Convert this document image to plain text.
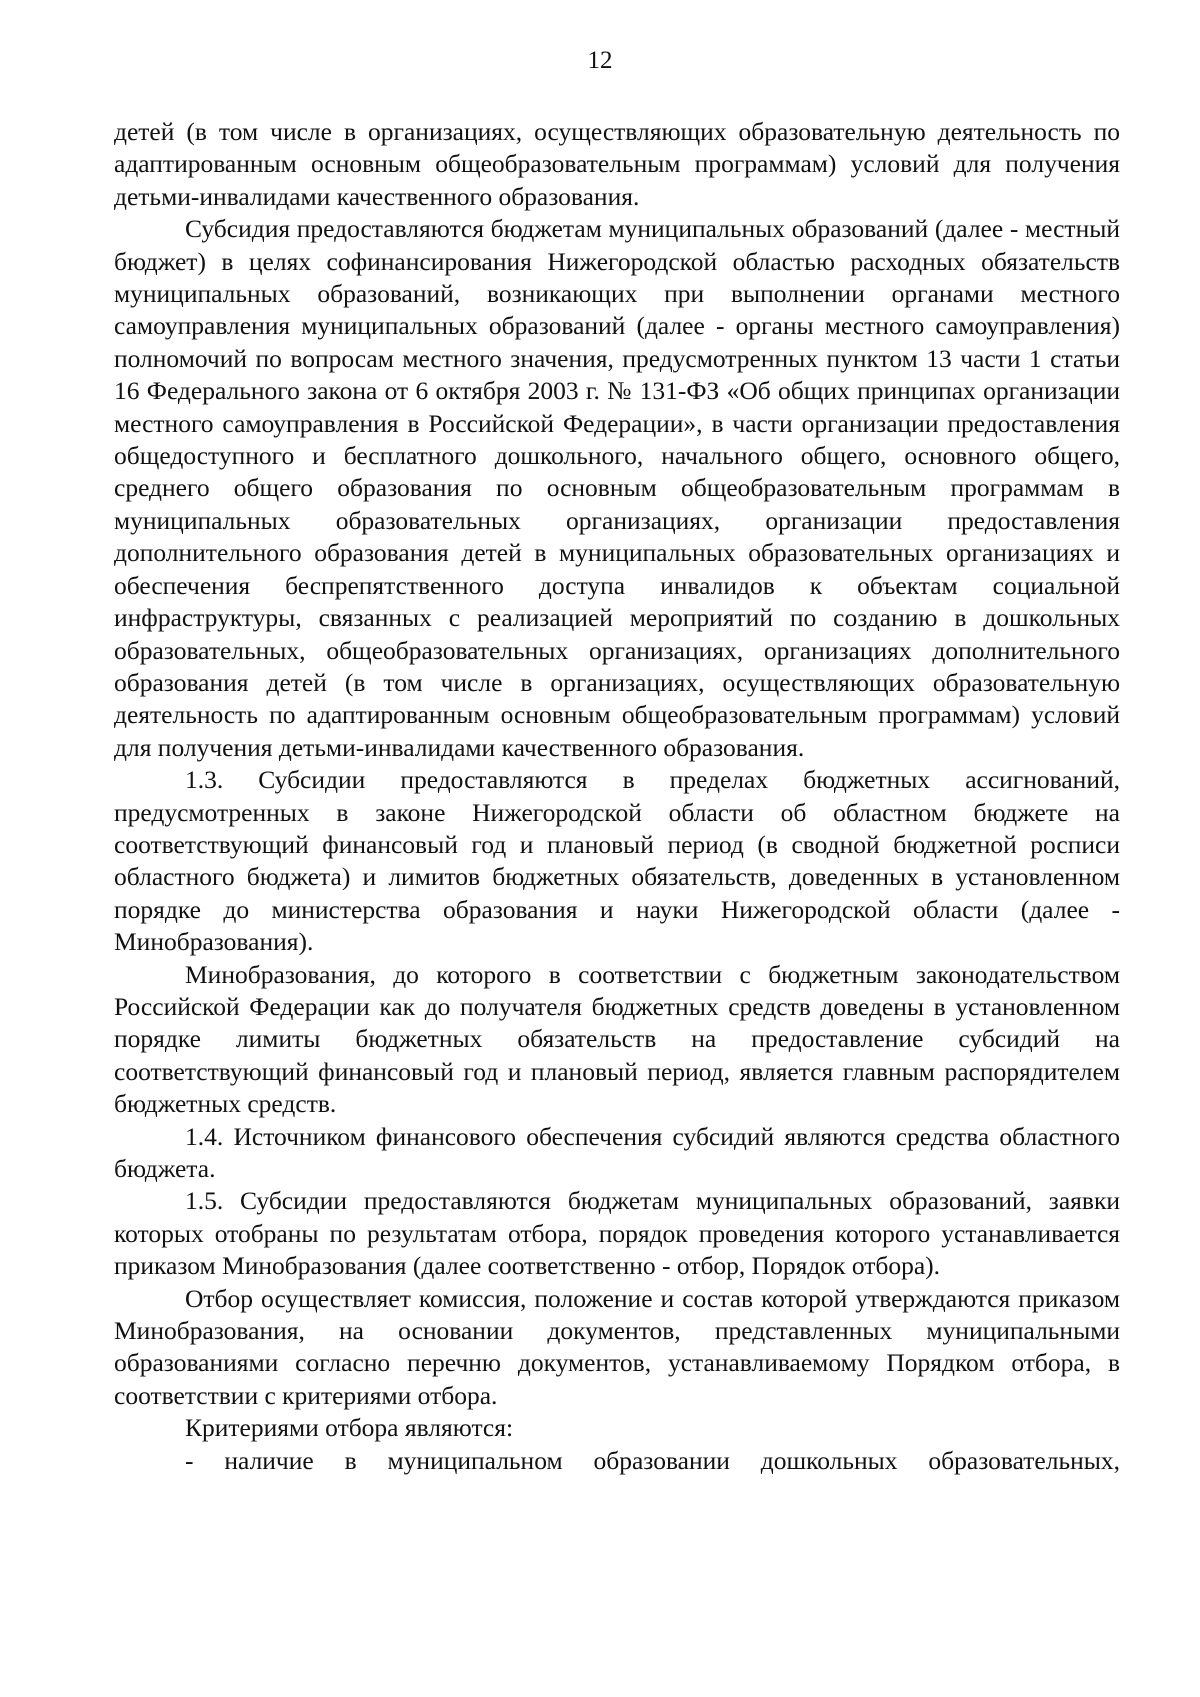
12

детей (в том числе в организациях, осуществляющих образовательную деятельность по адаптированным основным общеобразовательным программам) условий для получения детьми-инвалидами качественного образования.

Субсидия предоставляются бюджетам муниципальных образований (далее - местный бюджет) в целях софинансирования Нижегородской областью расходных обязательств муниципальных образований, возникающих при выполнении органами местного самоуправления муниципальных образований (далее - органы местного самоуправления) полномочий по вопросам местного значения, предусмотренных пунктом 13 части 1 статьи 16 Федерального закона от 6 октября 2003 г. № 131-ФЗ «Об общих принципах организации местного самоуправления в Российской Федерации», в части организации предоставления общедоступного и бесплатного дошкольного, начального общего, основного общего, среднего общего образования по основным общеобразовательным программам в муниципальных образовательных организациях, организации предоставления дополнительного образования детей в муниципальных образовательных организациях и обеспечения беспрепятственного доступа инвалидов к объектам социальной инфраструктуры, связанных с реализацией мероприятий по созданию в дошкольных образовательных, общеобразовательных организациях, организациях дополнительного образования детей (в том числе в организациях, осуществляющих образовательную деятельность по адаптированным основным общеобразовательным программам) условий для получения детьми-инвалидами качественного образования.

1.3. Субсидии предоставляются в пределах бюджетных ассигнований, предусмотренных в законе Нижегородской области об областном бюджете на соответствующий финансовый год и плановый период (в сводной бюджетной росписи областного бюджета) и лимитов бюджетных обязательств, доведенных в установленном порядке до министерства образования и науки Нижегородской области (далее - Минобразования).

Минобразования, до которого в соответствии с бюджетным законодательством Российской Федерации как до получателя бюджетных средств доведены в установленном порядке лимиты бюджетных обязательств на предоставление субсидий на соответствующий финансовый год и плановый период, является главным распорядителем бюджетных средств.

1.4. Источником финансового обеспечения субсидий являются средства областного бюджета.

1.5. Субсидии предоставляются бюджетам муниципальных образований, заявки которых отобраны по результатам отбора, порядок проведения которого устанавливается приказом Минобразования (далее соответственно - отбор, Порядок отбора).

Отбор осуществляет комиссия, положение и состав которой утверждаются приказом Минобразования, на основании документов, представленных муниципальными образованиями согласно перечню документов, устанавливаемому Порядком отбора, в соответствии с критериями отбора.

Критериями отбора являются:

- наличие в муниципальном образовании дошкольных образовательных,
